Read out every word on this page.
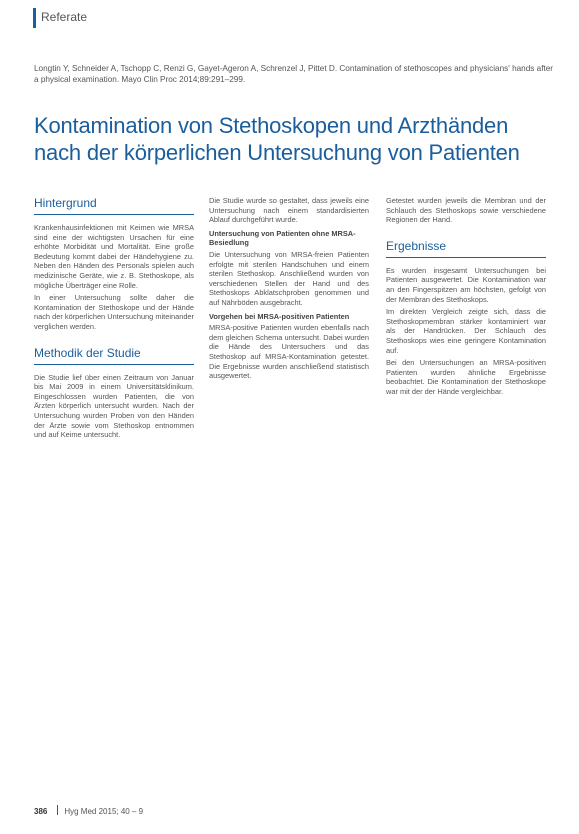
Referate
Longtin Y, Schneider A, Tschopp C, Renzi G, Gayet-Ageron A, Schrenzel J, Pittet D. Contamination of stethoscopes and physicians' hands after a physical examination. Mayo Clin Proc 2014;89:291–299.
Kontamination von Stethoskopen und Arzthänden nach der körperlichen Untersuchung von Patienten
Hintergrund

Krankenhausinfektionen mit Keimen wie MRSA sind eine der wichtigsten Ursachen für eine erhöhte Morbidität und Mortalität. Eine große Bedeutung kommt dabei der Händehygiene zu. Neben den Händen des Personals spielen auch medizinische Geräte, wie z. B. Stethoskope, als mögliche Überträger eine Rolle.

In einer Untersuchung sollte daher die Kontamination der Stethoskope und der Hände nach der körperlichen Untersuchung miteinander verglichen werden.

Methodik der Studie

Die Studie lief über einen Zeitraum von Januar bis Mai 2009 in einem Universitätsklinikum. Eingeschlossen wurden Patienten, die von Ärzten körperlich untersucht wurden. Nach der Untersuchung wurden Proben von den Händen der Ärzte sowie vom Stethoskop entnommen und auf Keime untersucht.

Die Studie wurde so gestaltet, dass jeweils eine Untersuchung nach einem standardisierten Ablauf durchgeführt wurde.

Untersuchung von Patienten ohne MRSA-Besiedlung

Die Untersuchung von MRSA-freien Patienten erfolgte mit sterilen Handschuhen und einem sterilen Stethoskop. Anschließend wurden von verschiedenen Stellen der Hand und des Stethoskops Abklatschproben genommen und auf Nährböden ausgebracht.

Vorgehen bei MRSA-positiven Patienten

MRSA-positive Patienten wurden ebenfalls nach dem gleichen Schema untersucht. Dabei wurden die Hände des Untersuchers und das Stethoskop auf MRSA-Kontamination getestet. Die Ergebnisse wurden anschließend statistisch ausgewertet.

Getestet wurden jeweils die Membran und der Schlauch des Stethoskops sowie verschiedene Regionen der Hand.

Ergebnisse

Es wurden insgesamt Untersuchungen bei Patienten ausgewertet. Die Kontamination war an den Fingerspitzen am höchsten, gefolgt von der Membran des Stethoskops.

Im direkten Vergleich zeigte sich, dass die Stethoskopmembran stärker kontaminiert war als der Handrücken. Der Schlauch des Stethoskops wies eine geringere Kontamination auf.

Bei den Untersuchungen an MRSA-positiven Patienten wurden ähnliche Ergebnisse beobachtet. Die Kontamination der Stethoskope war mit der der Hände vergleichbar.

386 Hyg Med 2015; 40 – 9
